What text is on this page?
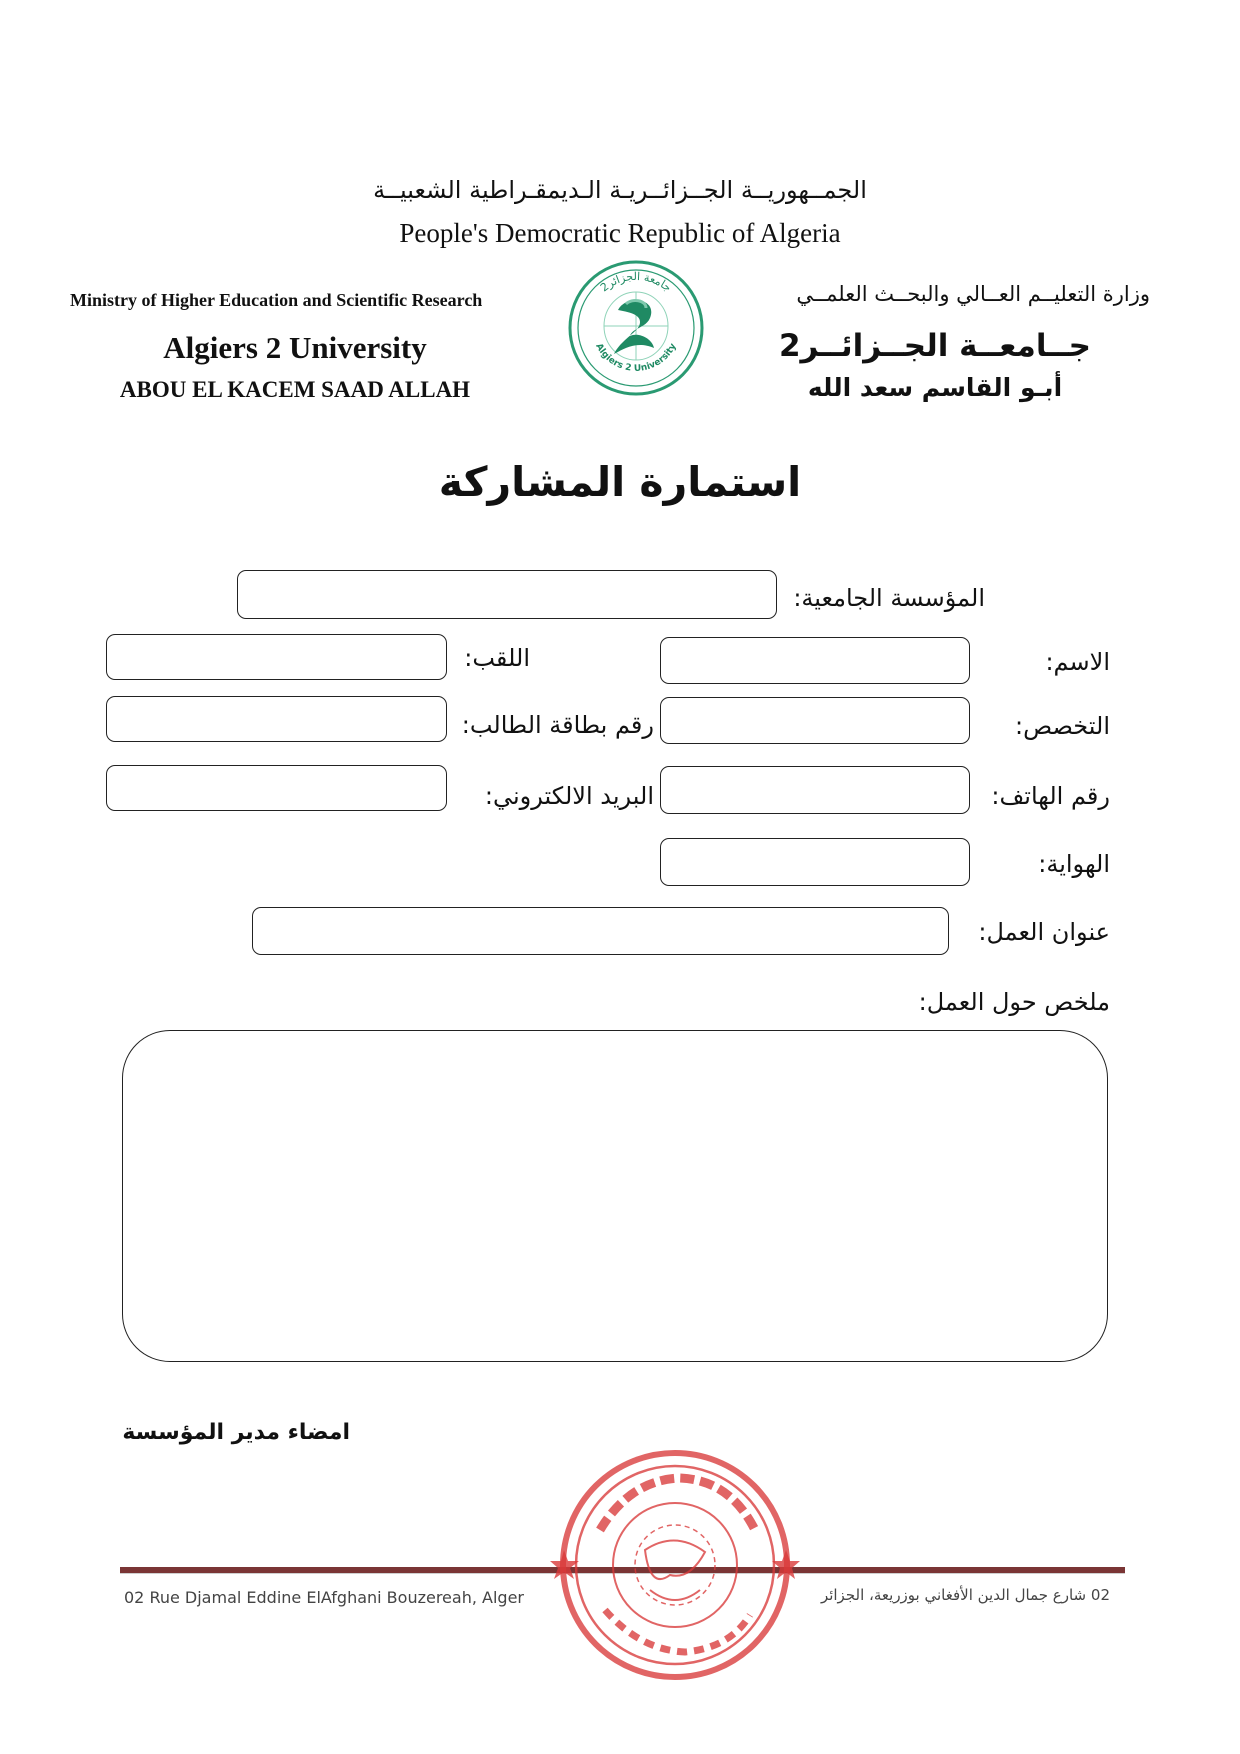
الجمــهوريــة الجــزائــريـة الـديمقـراطية الشعبيــة
People's Democratic Republic of Algeria
Ministry of Higher Education and Scientific Research
Algiers 2 University
ABOU EL KACEM SAAD ALLAH
وزارة التعليــم العــالي والبحــث العلمــي
جــامعــة الجــزائــر2
أبـو القاسم سعد الله
جامعة الجزائر2
Algiers 2 University
استمارة المشاركة
المؤسسة الجامعية:
الاسم:
اللقب:
التخصص:
رقم بطاقة الطالب:
رقم الهاتف:
البريد الالكتروني:
الهواية:
عنوان العمل:
ملخص حول العمل:
امضاء مدير المؤسسة
02 Rue Djamal Eddine ElAfghani Bouzereah, Alger	02 شارع جمال الدين الأفغاني بوزريعة، الجزائر
